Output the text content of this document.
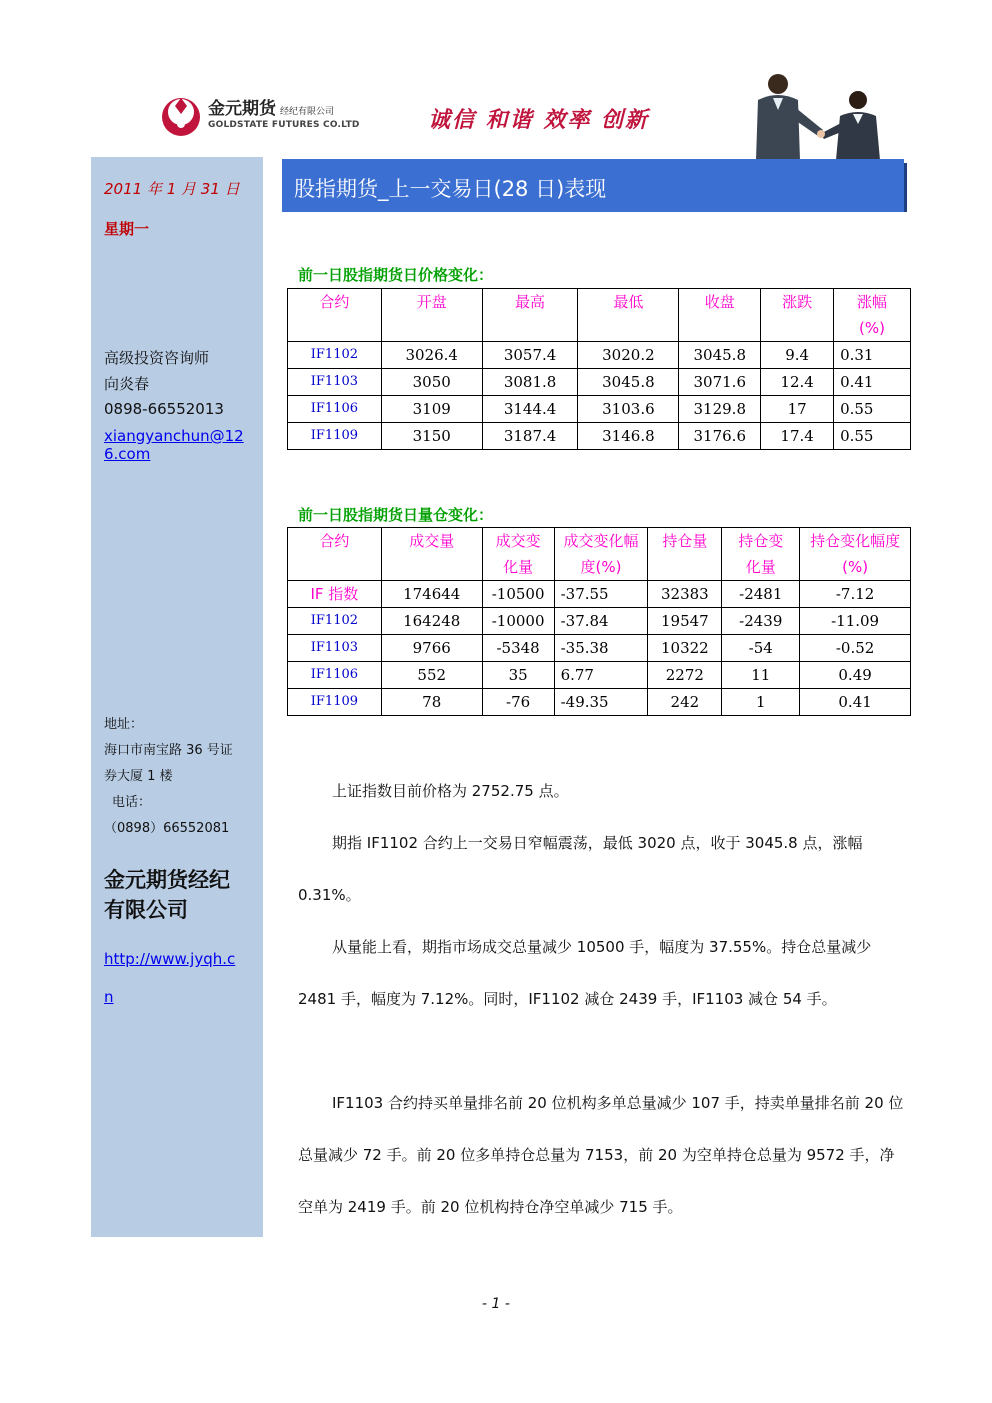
金元期货 经纪有限公司
GOLDSTATE FUTURES CO.LTD	诚信 和谐 效率 创新
2011 年 1 月 31 日
星期一
高级投资咨询师
向炎春
0898-66552013
xiangyanchun@12
6.com
地址：
海口市南宝路 36 号证
券大厦 1 楼
电话：
（0898）66552081
金元期货经纪
有限公司
http://www.jyqh.c
n
股指期货_上一交易日(28 日)表现
前一日股指期货日价格变化：
合约	开盘	最高	最低	收盘	涨跌	涨幅(%)
IF1102	3026.4	3057.4	3020.2	3045.8	9.4	0.31
IF1103	3050	3081.8	3045.8	3071.6	12.4	0.41
IF1106	3109	3144.4	3103.6	3129.8	17	0.55
IF1109	3150	3187.4	3146.8	3176.6	17.4	0.55
前一日股指期货日量仓变化：
合约	成交量	成交变化量	成交变化幅度(%)	持仓量	持仓变化量	持仓变化幅度(%)
IF 指数	174644	-10500	-37.55	32383	-2481	-7.12
IF1102	164248	-10000	-37.84	19547	-2439	-11.09
IF1103	9766	-5348	-35.38	10322	-54	-0.52
IF1106	552	35	6.77	2272	11	0.49
IF1109	78	-76	-49.35	242	1	0.41
上证指数目前价格为 2752.75 点。
期指 IF1102 合约上一交易日窄幅震荡，最低 3020 点，收于 3045.8 点，涨幅 0.31%。
从量能上看，期指市场成交总量减少 10500 手，幅度为 37.55%。持仓总量减少 2481 手，幅度为 7.12%。同时，IF1102 减仓 2439 手，IF1103 减仓 54 手。
IF1103 合约持买单量排名前 20 位机构多单总量减少 107 手，持卖单量排名前 20 位总量减少 72 手。前 20 位多单持仓总量为 7153，前 20 为空单持仓总量为 9572 手，净空单为 2419 手。前 20 位机构持仓净空单减少 715 手。
- 1 -
